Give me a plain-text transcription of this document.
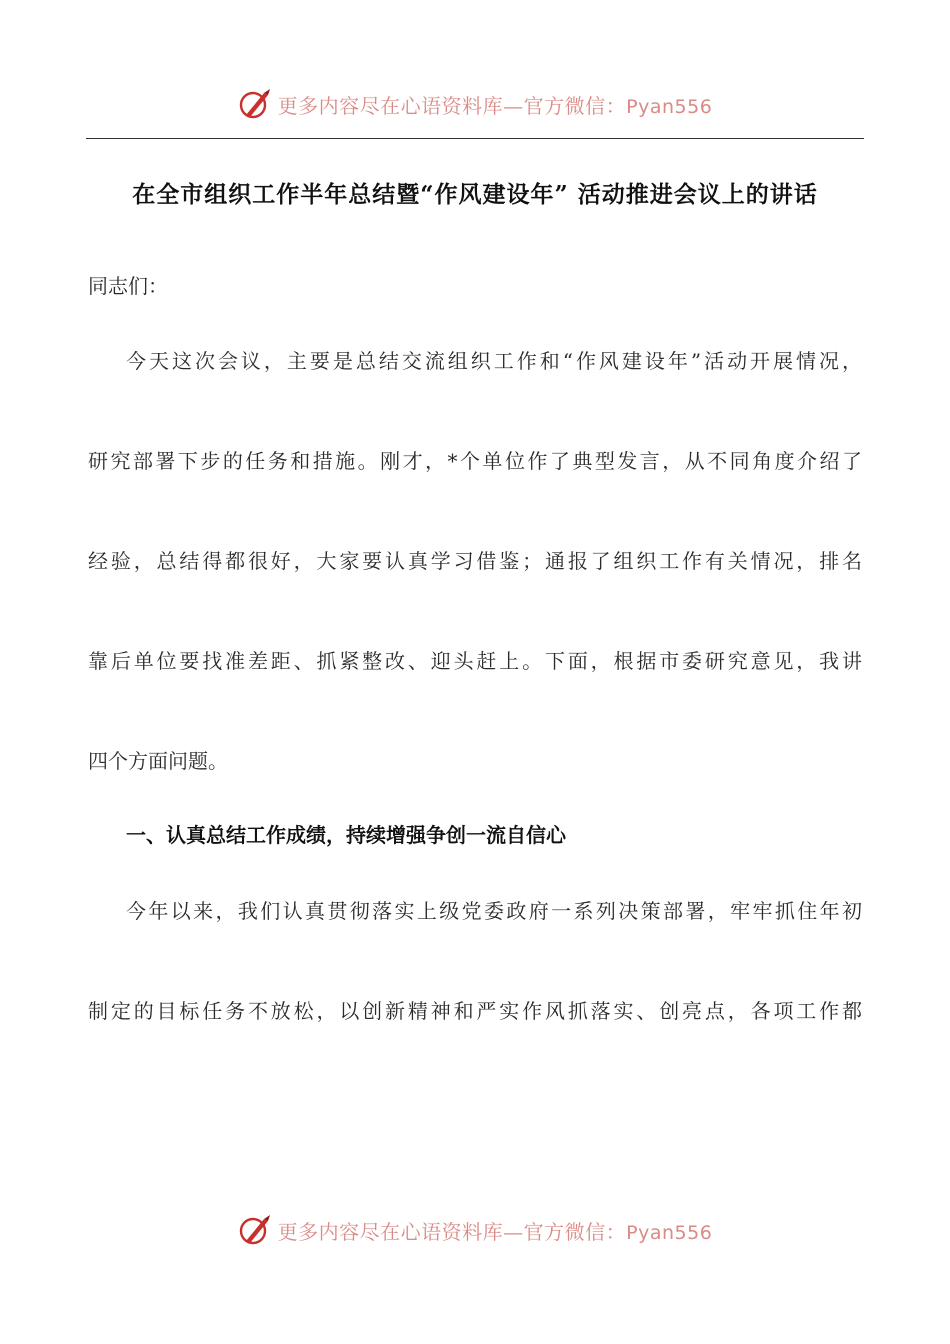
更多内容尽在心语资料库—官方微信：Pyan556
在全市组织工作半年总结暨“作风建设年” 活动推进会议上的讲话
同志们：
今天这次会议，主要是总结交流组织工作和“作风建设年”活动开展情况，
研究部署下步的任务和措施。刚才，*个单位作了典型发言，从不同角度介绍了
经验，总结得都很好，大家要认真学习借鉴；通报了组织工作有关情况，排名
靠后单位要找准差距、抓紧整改、迎头赶上。下面，根据市委研究意见，我讲
四个方面问题。
一、认真总结工作成绩，持续增强争创一流自信心
今年以来，我们认真贯彻落实上级党委政府一系列决策部署，牢牢抓住年初
制定的目标任务不放松，以创新精神和严实作风抓落实、创亮点，各项工作都
更多内容尽在心语资料库—官方微信：Pyan556
